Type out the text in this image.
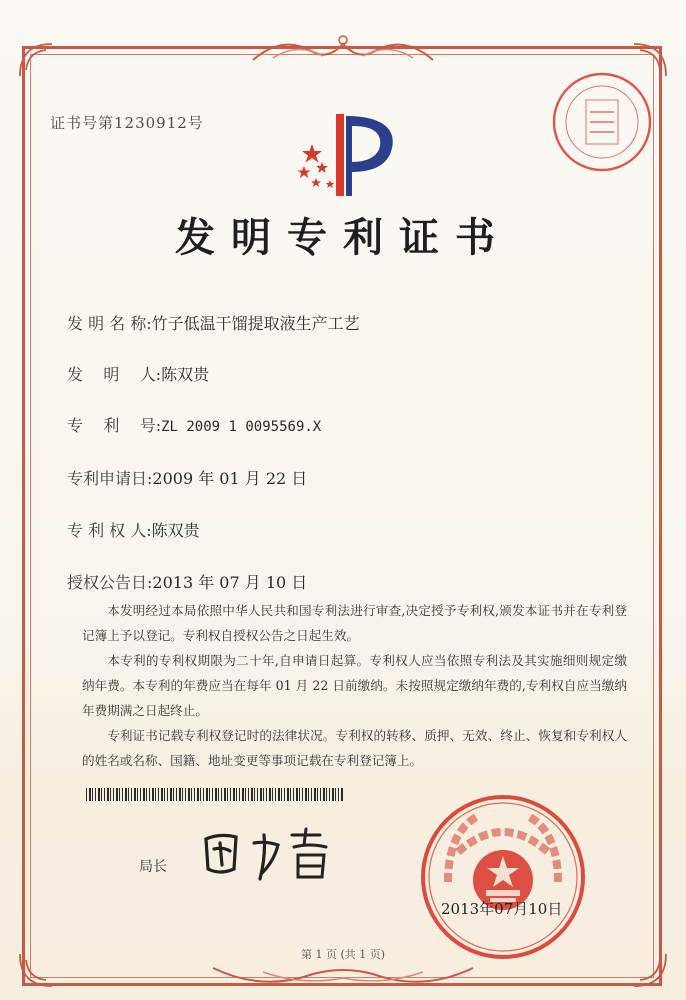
证书号第1230912号
发明专利证书
发 明 名 称:竹子低温干馏提取液生产工艺
发    明    人:陈双贵
专    利    号:ZL 2009 1 0095569.X
专利申请日:2009 年 01 月 22 日
专 利 权 人:陈双贵
授权公告日:2013 年 07 月 10 日
本发明经过本局依照中华人民共和国专利法进行审查,决定授予专利权,颁发本证书并在专利登记簿上予以登记。专利权自授权公告之日起生效。
本专利的专利权期限为二十年,自申请日起算。专利权人应当依照专利法及其实施细则规定缴纳年费。本专利的年费应当在每年 01 月 22 日前缴纳。未按照规定缴纳年费的,专利权自应当缴纳年费期满之日起终止。
专利证书记载专利权登记时的法律状况。专利权的转移、质押、无效、终止、恢复和专利权人的姓名或名称、国籍、地址变更等事项记载在专利登记簿上。
局长
2013年07月10日
第 1 页 (共 1 页)
